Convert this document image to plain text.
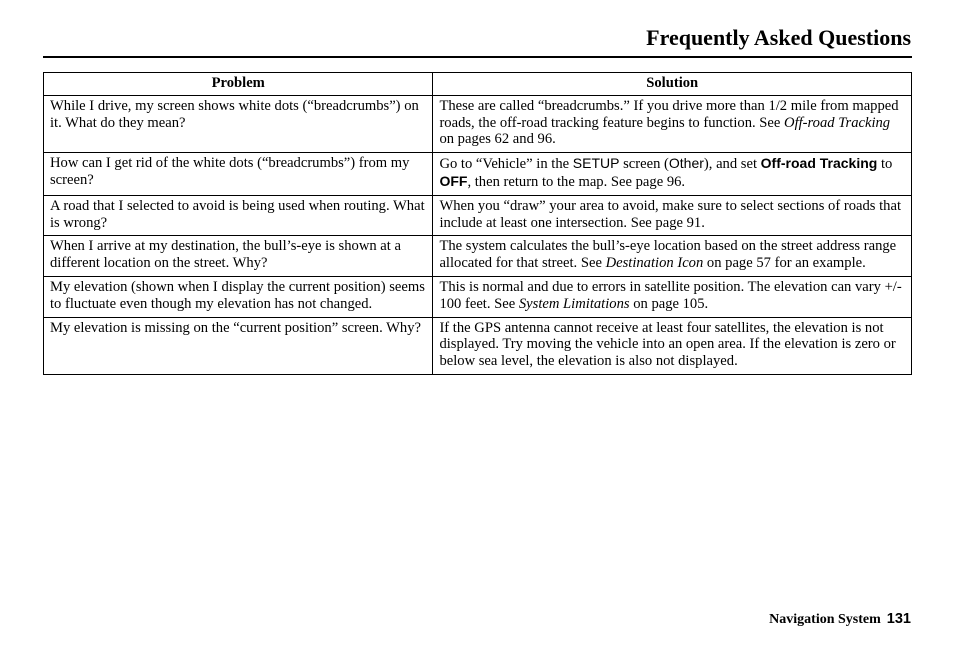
Frequently Asked Questions
Problem	Solution
While I drive, my screen shows white dots (“breadcrumbs”) on it. What do they mean?	These are called “breadcrumbs.” If you drive more than 1/2 mile from mapped roads, the off-road tracking feature begins to function. See Off-road Tracking on pages 62 and 96.
How can I get rid of the white dots (“breadcrumbs”) from my screen?	Go to “Vehicle” in the SETUP screen (Other), and set Off-road Tracking to OFF, then return to the map. See page 96.
A road that I selected to avoid is being used when routing. What is wrong?	When you “draw” your area to avoid, make sure to select sections of roads that include at least one intersection. See page 91.
When I arrive at my destination, the bull’s-eye is shown at a different location on the street. Why?	The system calculates the bull’s-eye location based on the street address range allocated for that street. See Destination Icon on page 57 for an example.
My elevation (shown when I display the current position) seems to fluctuate even though my elevation has not changed.	This is normal and due to errors in satellite position. The elevation can vary +/- 100 feet. See System Limitations on page 105.
My elevation is missing on the “current position” screen. Why?	If the GPS antenna cannot receive at least four satellites, the elevation is not displayed. Try moving the vehicle into an open area. If the elevation is zero or below sea level, the elevation is also not displayed.
Navigation System 131
